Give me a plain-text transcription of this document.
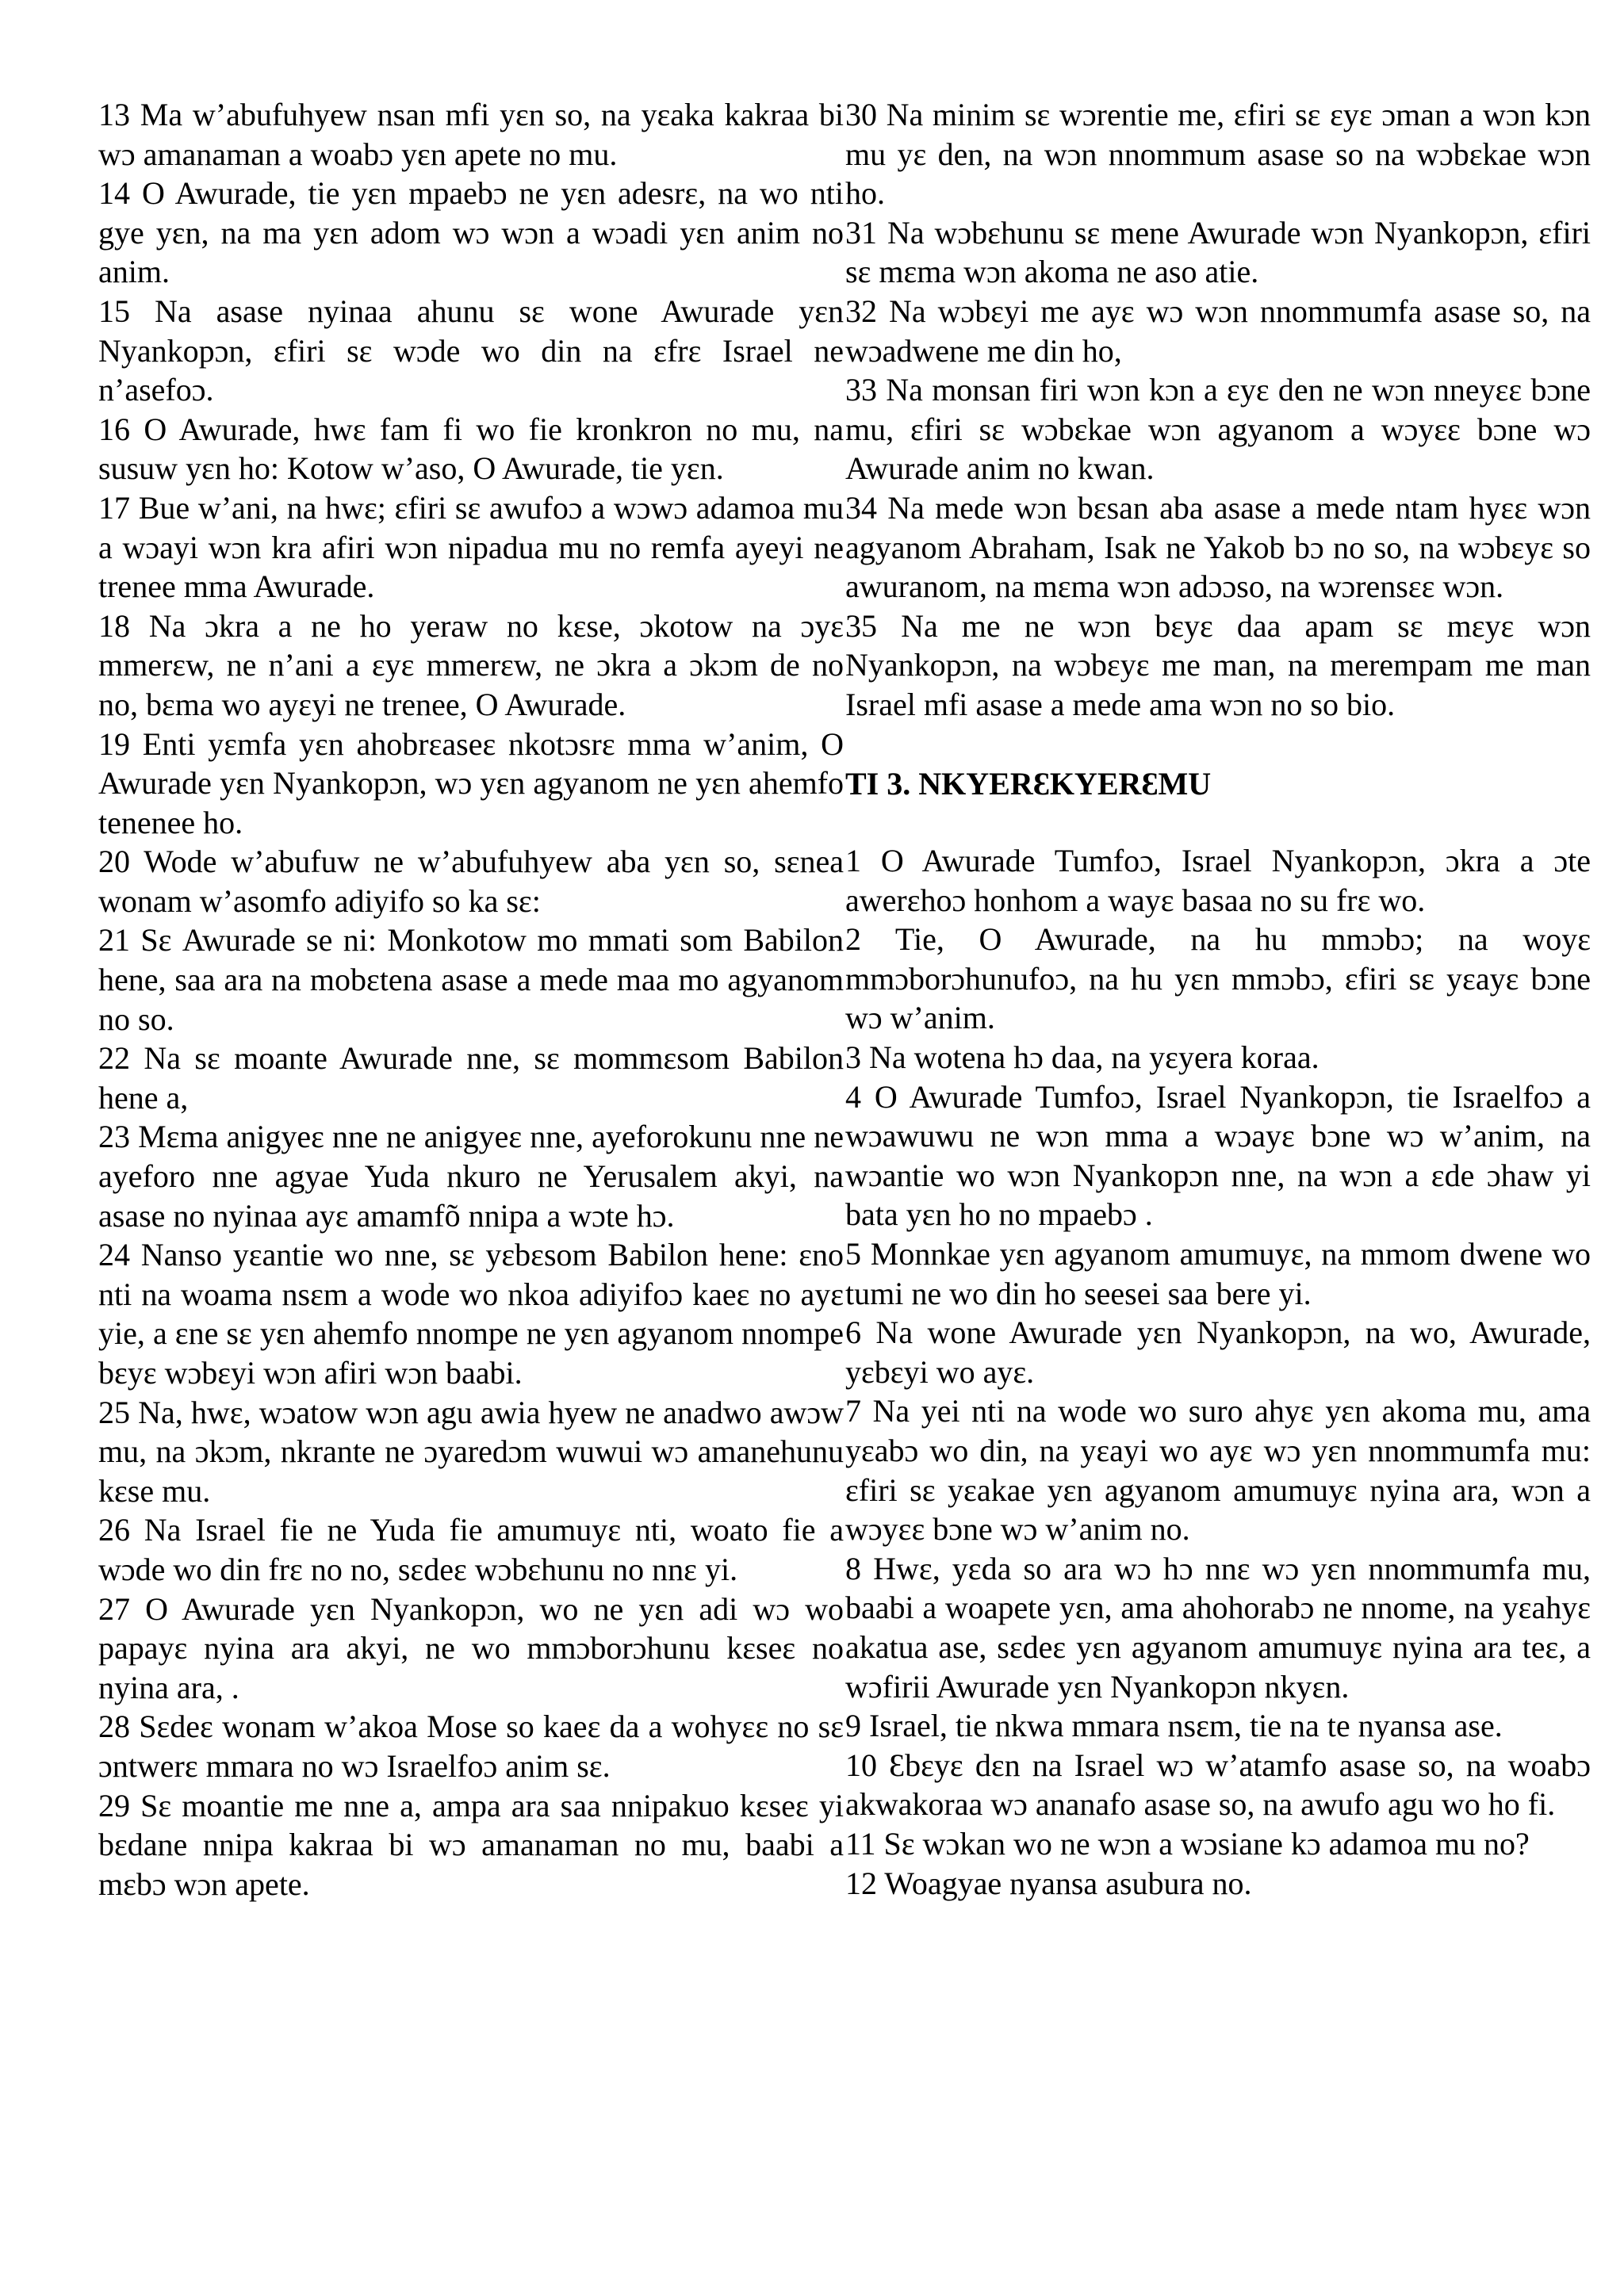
13 Ma w’abufuhyew nsan mfi yεn so, na yεaka kakraa bi wɔ amanaman a woabɔ yεn apete no mu.

14 O Awurade, tie yεn mpaebɔ ne yεn adesrε, na wo nti gye yεn, na ma yεn adom wɔ wɔn a wɔadi yεn anim no anim.

15 Na asase nyinaa ahunu sε wone Awurade yεn Nyankopɔn, εfiri sε wɔde wo din na εfrε Israel ne n’asefoɔ.

16 O Awurade, hwε fam fi wo fie kronkron no mu, na susuw yεn ho: Kotow w’aso, O Awurade, tie yεn.

17 Bue w’ani, na hwε; εfiri sε awufoɔ a wɔwɔ adamoa mu a wɔayi wɔn kra afiri wɔn nipadua mu no remfa ayeyi ne trenee mma Awurade.

18 Na ɔkra a ne ho yeraw no kεse, ɔkotow na ɔyε mmerεw, ne n’ani a εyε mmerεw, ne ɔkra a ɔkɔm de no no, bεma wo ayεyi ne trenee, O Awurade.

19 Enti yεmfa yεn ahobrεaseε nkotɔsrε mma w’anim, O Awurade yεn Nyankopɔn, wɔ yεn agyanom ne yεn ahemfo tenenee ho.

20 Wode w’abufuw ne w’abufuhyew aba yεn so, sεnea wonam w’asomfo adiyifo so ka sε:

21 Sε Awurade se ni: Monkotow mo mmati som Babilon hene, saa ara na mobεtena asase a mede maa mo agyanom no so.

22 Na sε moante Awurade nne, sε mommεsom Babilon hene a,

23 Mεma anigyeε nne ne anigyeε nne, ayeforokunu nne ne ayeforo nne agyae Yuda nkuro ne Yerusalem akyi, na asase no nyinaa ayε amamfõ nnipa a wɔte hɔ.

24 Nanso yεantie wo nne, sε yεbεsom Babilon hene: εno nti na woama nsεm a wode wo nkoa adiyifoɔ kaeε no ayε yie, a εne sε yεn ahemfo nnompe ne yεn agyanom nnompe bεyε wɔbεyi wɔn afiri wɔn baabi.

25 Na, hwε, wɔatow wɔn agu awia hyew ne anadwo awɔw mu, na ɔkɔm, nkrante ne ɔyaredɔm wuwui wɔ amanehunu kεse mu.

26 Na Israel fie ne Yuda fie amumuyε nti, woato fie a wɔde wo din frε no no, sεdeε wɔbεhunu no nnε yi.

27 O Awurade yεn Nyankopɔn, wo ne yεn adi wɔ wo papayε nyina ara akyi, ne wo mmɔborɔhunu kεseε no nyina ara, .

28 Sεdeε wonam w’akoa Mose so kaeε da a wohyεε no sε ɔntwerε mmara no wɔ Israelfoɔ anim sε.

29 Sε moantie me nne a, ampa ara saa nnipakuo kεseε yi bεdane nnipa kakraa bi wɔ amanaman no mu, baabi a mεbɔ wɔn apete.

30 Na minim sε wɔrentie me, εfiri sε εyε ɔman a wɔn kɔn mu yε den, na wɔn nnommum asase so na wɔbεkae wɔn ho.

31 Na wɔbεhunu sε mene Awurade wɔn Nyankopɔn, εfiri sε mεma wɔn akoma ne aso atie.

32 Na wɔbεyi me ayε wɔ wɔn nnommumfa asase so, na wɔadwene me din ho,

33 Na monsan firi wɔn kɔn a εyε den ne wɔn nneyεε bɔne mu, εfiri sε wɔbεkae wɔn agyanom a wɔyεε bɔne wɔ Awurade anim no kwan.

34 Na mede wɔn bεsan aba asase a mede ntam hyεε wɔn agyanom Abraham, Isak ne Yakob bɔ no so, na wɔbεyε so awuranom, na mεma wɔn adɔɔso, na wɔrensεε wɔn.

35 Na me ne wɔn bεyε daa apam sε mεyε wɔn Nyankopɔn, na wɔbεyε me man, na merempam me man Israel mfi asase a mede ama wɔn no so bio.

TI 3. NKYERƐKYERƐMU

1 O Awurade Tumfoɔ, Israel Nyankopɔn, ɔkra a ɔte awerεhoɔ honhom a wayε basaa no su frε wo.

2 Tie, O Awurade, na hu mmɔbɔ; na woyε mmɔborɔhunufoɔ, na hu yεn mmɔbɔ, εfiri sε yεayε bɔne wɔ w’anim.

3 Na wotena hɔ daa, na yεyera koraa.

4 O Awurade Tumfoɔ, Israel Nyankopɔn, tie Israelfoɔ a wɔawuwu ne wɔn mma a wɔayε bɔne wɔ w’anim, na wɔantie wo wɔn Nyankopɔn nne, na wɔn a εde ɔhaw yi bata yεn ho no mpaebɔ .

5 Monnkae yεn agyanom amumuyε, na mmom dwene wo tumi ne wo din ho seesei saa bere yi.

6 Na wone Awurade yεn Nyankopɔn, na wo, Awurade, yεbεyi wo ayε.

7 Na yei nti na wode wo suro ahyε yεn akoma mu, ama yεabɔ wo din, na yεayi wo ayε wɔ yεn nnommumfa mu: εfiri sε yεakae yεn agyanom amumuyε nyina ara, wɔn a wɔyεε bɔne wɔ w’anim no.

8 Hwε, yεda so ara wɔ hɔ nnε wɔ yεn nnommumfa mu, baabi a woapete yεn, ama ahohorabɔ ne nnome, na yεahyε akatua ase, sεdeε yεn agyanom amumuyε nyina ara teε, a wɔfirii Awurade yεn Nyankopɔn nkyεn.

9 Israel, tie nkwa mmara nsεm, tie na te nyansa ase.

10 Ɛbεyε dεn na Israel wɔ w’atamfo asase so, na woabɔ akwakoraa wɔ ananafo asase so, na awufo agu wo ho fi.

11 Sε wɔkan wo ne wɔn a wɔsiane kɔ adamoa mu no?

12 Woagyae nyansa asubura no.
